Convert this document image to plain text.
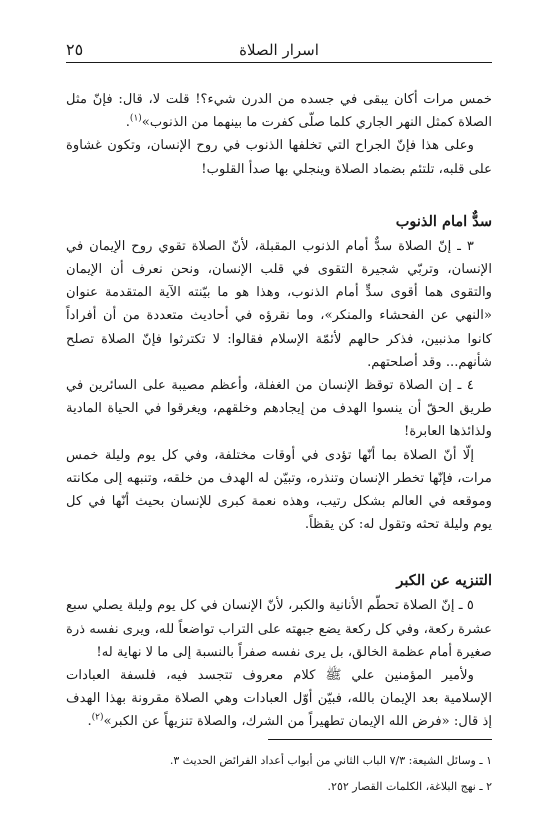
٢٥	اسرار الصلاة

خمس مرات أكان يبقى في جسده من الدرن شيء؟! قلت لا، قال: فإنّ مثل الصلاة كمثل النهر الجاري كلما صلّى كفرت ما بينهما من الذنوب»$^{(١)}$.

وعلى هذا فإنّ الجراح التي تخلفها الذنوب في روح الإنسان، وتكون غشاوة على قلبه، تلتئم بضماد الصلاة وينجلي بها صدأ القلوب!

سدٌّ امام الذنوب

٣ ـ إنّ الصلاة سدٌّ أمام الذنوب المقبلة، لأنّ الصلاة تقوي روح الإيمان في الإنسان، وتربّي شجيرة التقوى في قلب الإنسان، ونحن نعرف أن الإيمان والتقوى هما أقوى سدٍّ أمام الذنوب، وهذا هو ما بيّنته الآية المتقدمة عنوان «النهي عن الفحشاء والمنكر»، وما نقرؤه في أحاديث متعددة من أن أفراداً كانوا مذنبين، فذكر حالهم لأئمّة الإسلام فقالوا: لا تكترثوا فإنّ الصلاة تصلح شأنهم... وقد أصلحتهم.

٤ ـ إن الصلاة توقظ الإنسان من الغفلة، وأعظم مصيبة على السائرين في طريق الحقّ أن ينسوا الهدف من إيجادهم وخلقهم، ويغرقوا في الحياة المادية ولذائذها العابرة!

إلّا أنّ الصلاة بما أنّها تؤدى في أوقات مختلفة، وفي كل يوم وليلة خمس مرات، فإنّها تخطر الإنسان وتنذره، وتبيّن له الهدف من خلقه، وتنبهه إلى مكانته وموقعه في العالم بشكل رتيب، وهذه نعمة كبرى للإنسان بحيث أنّها في كل يوم وليلة تحثه وتقول له: كن يقظاً.

التنزيه عن الكبر

٥ ـ إنّ الصلاة تحطّم الأنانية والكبر، لأنّ الإنسان في كل يوم وليلة يصلي سبع عشرة ركعة، وفي كل ركعة يضع جبهته على التراب تواضعاً لله، ويرى نفسه ذرة صغيرة أمام عظمة الخالق، بل يرى نفسه صفراً بالنسبة إلى ما لا نهاية له!

ولأمير المؤمنين علي ﷺ كلام معروف تتجسد فيه، فلسفة العبادات الإسلامية بعد الإيمان بالله، فبيّن أوّل العبادات وهي الصلاة مقرونة بهذا الهدف إذ قال: «فرض الله الإيمان تطهيراً من الشرك، والصلاة تنزيهاً عن الكبر»$^{(٢)}$.

١ ـ وسائل الشيعة: ٧/٣ الباب الثاني من أبواب أعداد الفرائض الحديث ٣.

٢ ـ نهج البلاغة، الكلمات القصار ٢٥٢.
